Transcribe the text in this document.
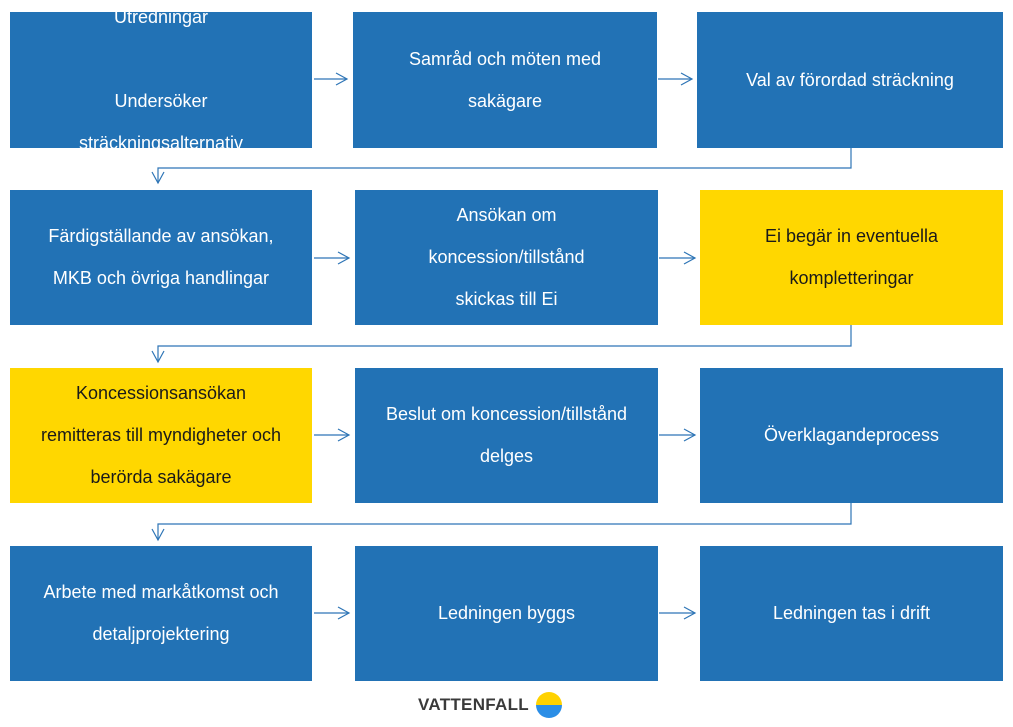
Utredningar

Undersöker

sträckningsalternativ

Samråd och möten med

sakägare

Val av förordad sträckning

Färdigställande av ansökan,

MKB och övriga handlingar

Ansökan om

koncession/tillstånd

skickas till Ei

Ei begär in eventuella

kompletteringar

Koncessionsansökan

remitteras till myndigheter och

berörda sakägare

Beslut om koncession/tillstånd

delges

Överklagandeprocess

Arbete med markåtkomst och

detaljprojektering

Ledningen byggs	Ledningen tas i drift

VATTENFALL
